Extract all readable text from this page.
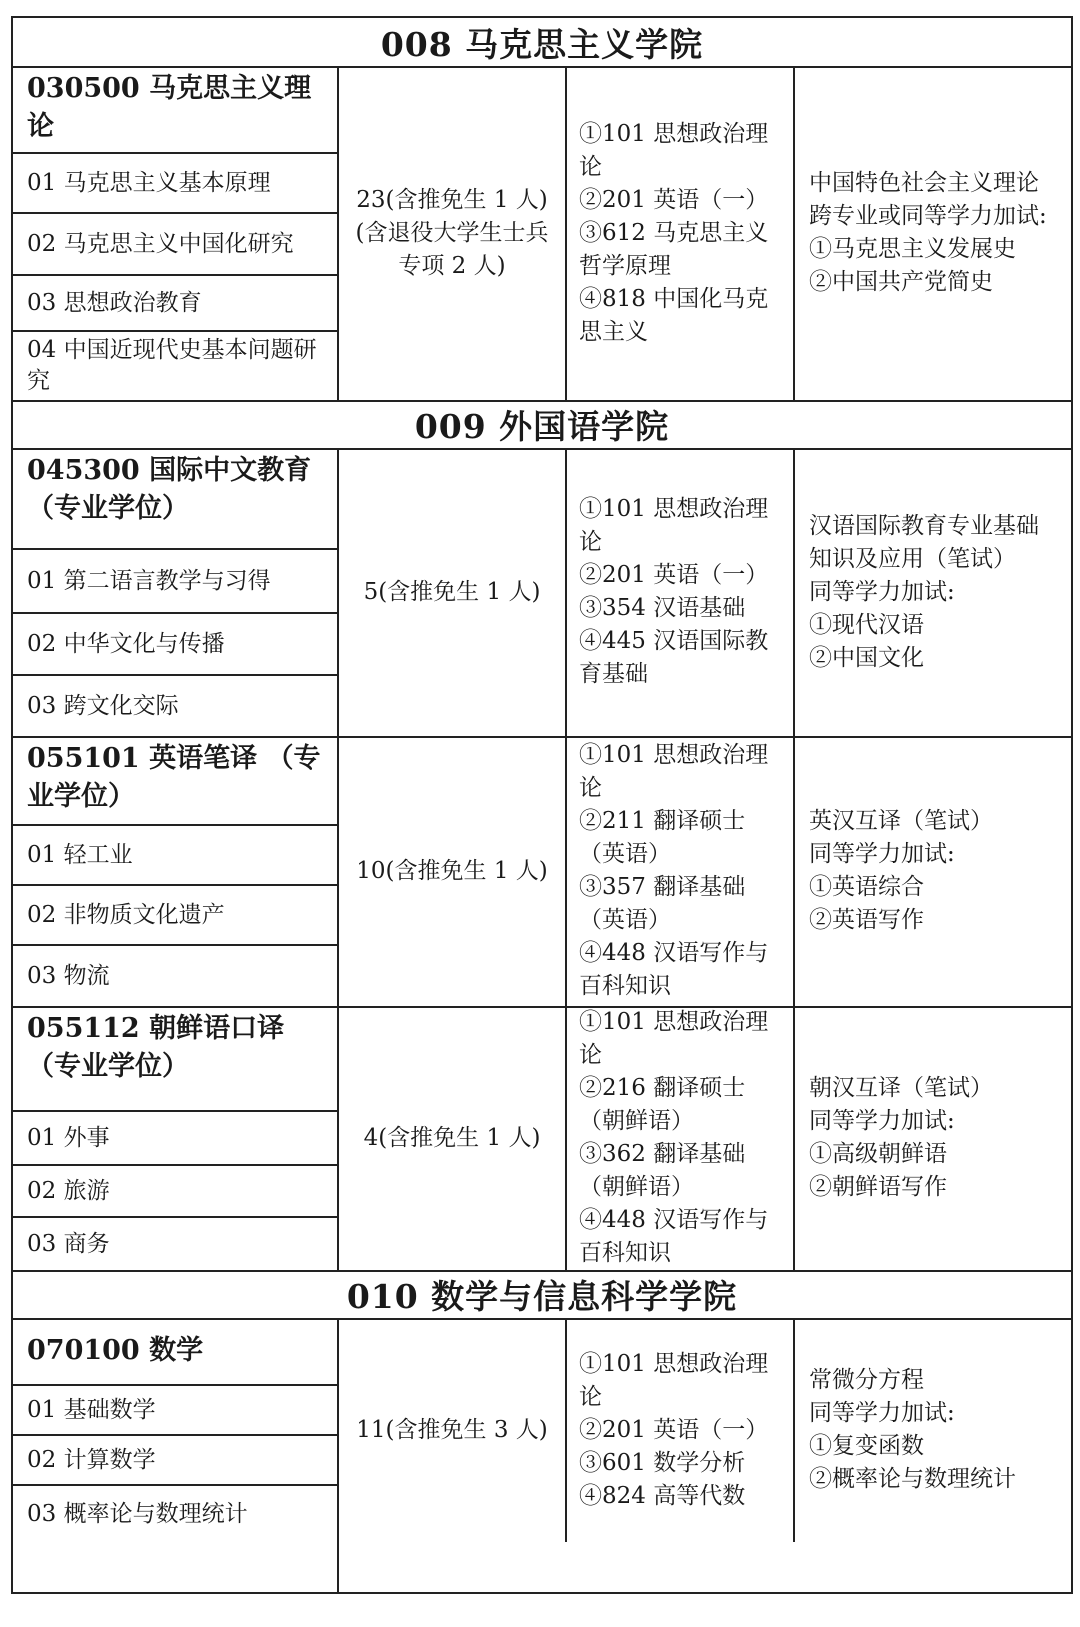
008 马克思主义学院
030500 马克思主义理论
01 马克思主义基本原理
02 马克思主义中国化研究
03 思想政治教育
04 中国近现代史基本问题研究
23(含推免生 1 人)(含退役大学生士兵专项 2 人)
①101 思想政治理论
②201 英语（一）
③612 马克思主义哲学原理
④818 中国化马克思主义
中国特色社会主义理论
跨专业或同等学力加试:
①马克思主义发展史
②中国共产党简史
009 外国语学院
045300 国际中文教育（专业学位）
01 第二语言教学与习得
02 中华文化与传播
03 跨文化交际
5(含推免生 1 人)
①101 思想政治理论
②201 英语（一）
③354 汉语基础
④445 汉语国际教育基础
汉语国际教育专业基础知识及应用（笔试）
同等学力加试:
①现代汉语
②中国文化
055101 英语笔译 （专业学位）
01 轻工业
02 非物质文化遗产
03 物流
10(含推免生 1 人)
①101 思想政治理论
②211 翻译硕士（英语）
③357 翻译基础（英语）
④448 汉语写作与百科知识
英汉互译（笔试）
同等学力加试:
①英语综合
②英语写作
055112 朝鲜语口译（专业学位）
01 外事
02 旅游
03 商务
4(含推免生 1 人)
①101 思想政治理论
②216 翻译硕士（朝鲜语）
③362 翻译基础（朝鲜语）
④448 汉语写作与百科知识
朝汉互译（笔试）
同等学力加试:
①高级朝鲜语
②朝鲜语写作
010 数学与信息科学学院
070100 数学
01 基础数学
02 计算数学
03 概率论与数理统计
11(含推免生 3 人)
①101 思想政治理论
②201 英语（一）
③601 数学分析
④824 高等代数
常微分方程
同等学力加试:
①复变函数
②概率论与数理统计
